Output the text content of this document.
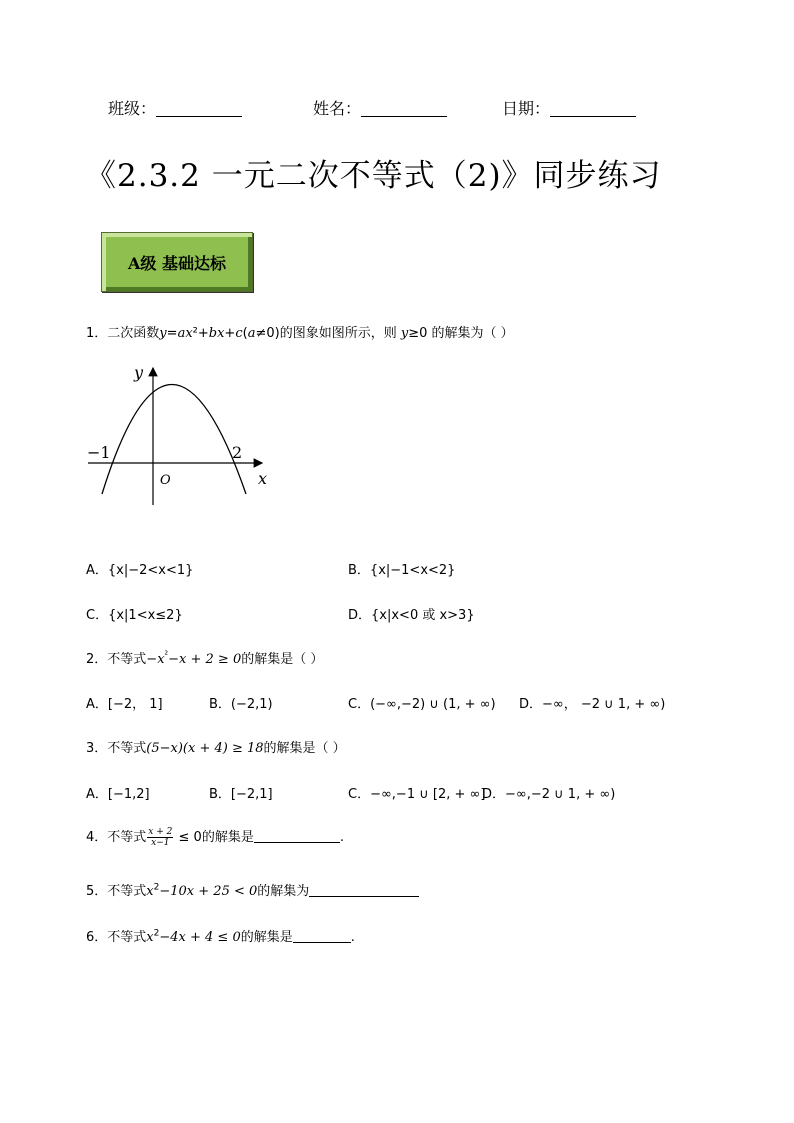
班级：	姓名：	日期：
《2.3.2 一元二次不等式（2)》同步练习
A级 基础达标
1．二次函数y=ax²+bx+c(a≠0)的图象如图所示，则 y≥0 的解集为（ ）
y
x
O
−1	2
A．{x|−2<x<1}	B．{x|−1<x<2}
C．{x|1<x≤2}	D．{x|x<0 或 x>3}
2．不等式$-x^{^2}-x + 2 \ge 0$的解集是（ ）
A．[−2， 1]	B．(−2,1)	C．(−∞,−2) ∪ (1, + ∞) D．−∞， −2 ∪ 1, + ∞)
3．不等式(5−x)(x + 4) ≥ 18的解集是（ ）
A．[−1,2]	B．[−2,1]	C．−∞,−1 ∪ [2, + ∞]
D．−∞,−2 ∪ 1, + ∞)
4．不等式 $\frac{x + 2}{x-1} \le 0$的解集是	.
5．不等式$x^2-10x + 25 < 0$的解集为
6．不等式$x^2-4x + 4 \le 0$的解集是	.
